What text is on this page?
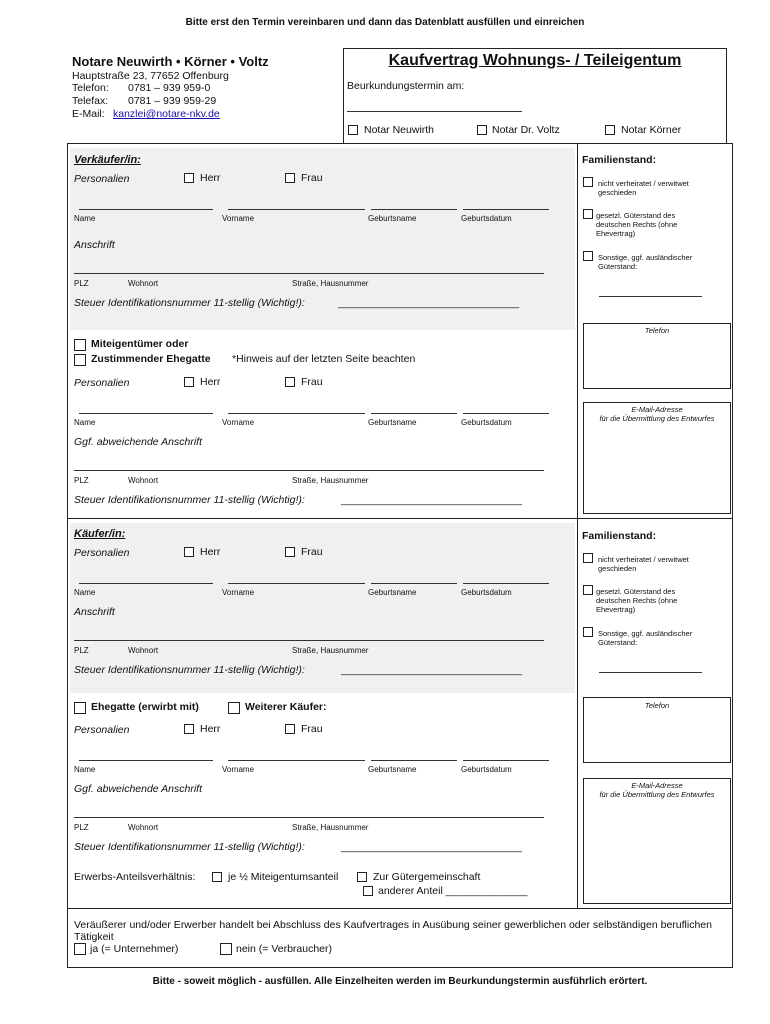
Bitte erst den Termin vereinbaren und dann das Datenblatt ausfüllen und einreichen
Notare Neuwirth • Körner • Voltz
Hauptstraße 23, 77652 Offenburg
Telefon: 0781 – 939 959-0
Telefax: 0781 – 939 959-29
E-Mail: kanzlei@notare-nkv.de
Kaufvertrag Wohnungs- / Teileigentum
Beurkundungstermin am:
Notar Neuwirth	Notar Dr. Voltz	Notar Körner
Verkäufer/in:
Personalien	Herr	Frau
Name	Vorname	Geburtsname	Geburtsdatum
Anschrift
PLZ	Wohnort	Straße, Hausnummer
Steuer Identifikationsnummer 11-stellig (Wichtig!):	_______________________________
Familienstand:
nicht verheiratet / verwitwet geschieden
gesetzl. Güterstand des deutschen Rechts (ohne Ehevertrag)
Sonstige, ggf. ausländischer Güterstand:
Telefon
E-Mail-Adresse
für die Übermittlung des Entwurfes
Miteigentümer oder
Zustimmender Ehegatte *Hinweis auf der letzten Seite beachten
Personalien	Herr	Frau
Name	Vorname	Geburtsname	Geburtsdatum
Ggf. abweichende Anschrift
PLZ	Wohnort	Straße, Hausnummer
Steuer Identifikationsnummer 11-stellig (Wichtig!):	_______________________________
Käufer/in:
Personalien	Herr	Frau
Name	Vorname	Geburtsname	Geburtsdatum
Anschrift
PLZ	Wohnort	Straße, Hausnummer
Steuer Identifikationsnummer 11-stellig (Wichtig!):	_______________________________
Familienstand:
nicht verheiratet / verwitwet geschieden
gesetzl. Güterstand des deutschen Rechts (ohne Ehevertrag)
Sonstige, ggf. ausländischer Güterstand:
Telefon
E-Mail-Adresse
für die Übermittlung des Entwurfes
Ehegatte (erwirbt mit)	Weiterer Käufer:
Personalien	Herr	Frau
Name	Vorname	Geburtsname	Geburtsdatum
Ggf. abweichende Anschrift
PLZ	Wohnort	Straße, Hausnummer
Steuer Identifikationsnummer 11-stellig (Wichtig!):	_______________________________
Erwerbs-Anteilsverhältnis:	je ½ Miteigentumsanteil	Zur Gütergemeinschaft
anderer Anteil ______________
Veräußerer und/oder Erwerber handelt bei Abschluss des Kaufvertrages in Ausübung seiner gewerblichen oder selbständigen beruflichen Tätigkeit
ja (= Unternehmer)	nein (= Verbraucher)
Bitte - soweit möglich - ausfüllen. Alle Einzelheiten werden im Beurkundungstermin ausführlich erörtert.
